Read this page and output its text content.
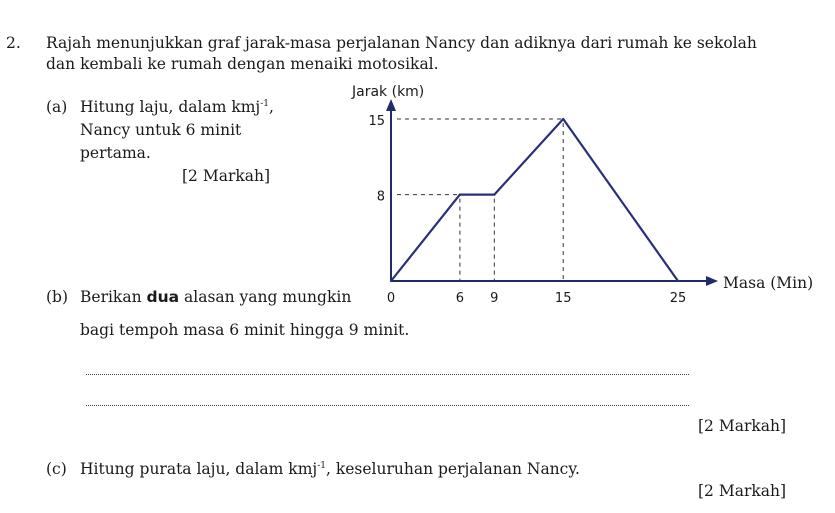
2. Rajah menunjukkan graf jarak-masa perjalanan Nancy dan adiknya dari rumah ke sekolah
dan kembali ke rumah dengan menaiki motosikal.
(a) Hitung laju, dalam kmj$^{-1}$,
Nancy untuk 6 minit
pertama.
[2 Markah]
0	6 9	15	25
8
15
Jarak (km)
Masa (Min)
(b) Berikan dua alasan yang mungkin
bagi tempoh masa 6 minit hingga 9 minit.
[2 Markah]
(c) Hitung purata laju, dalam kmj$^{-1}$, keseluruhan perjalanan Nancy.
[2 Markah]
